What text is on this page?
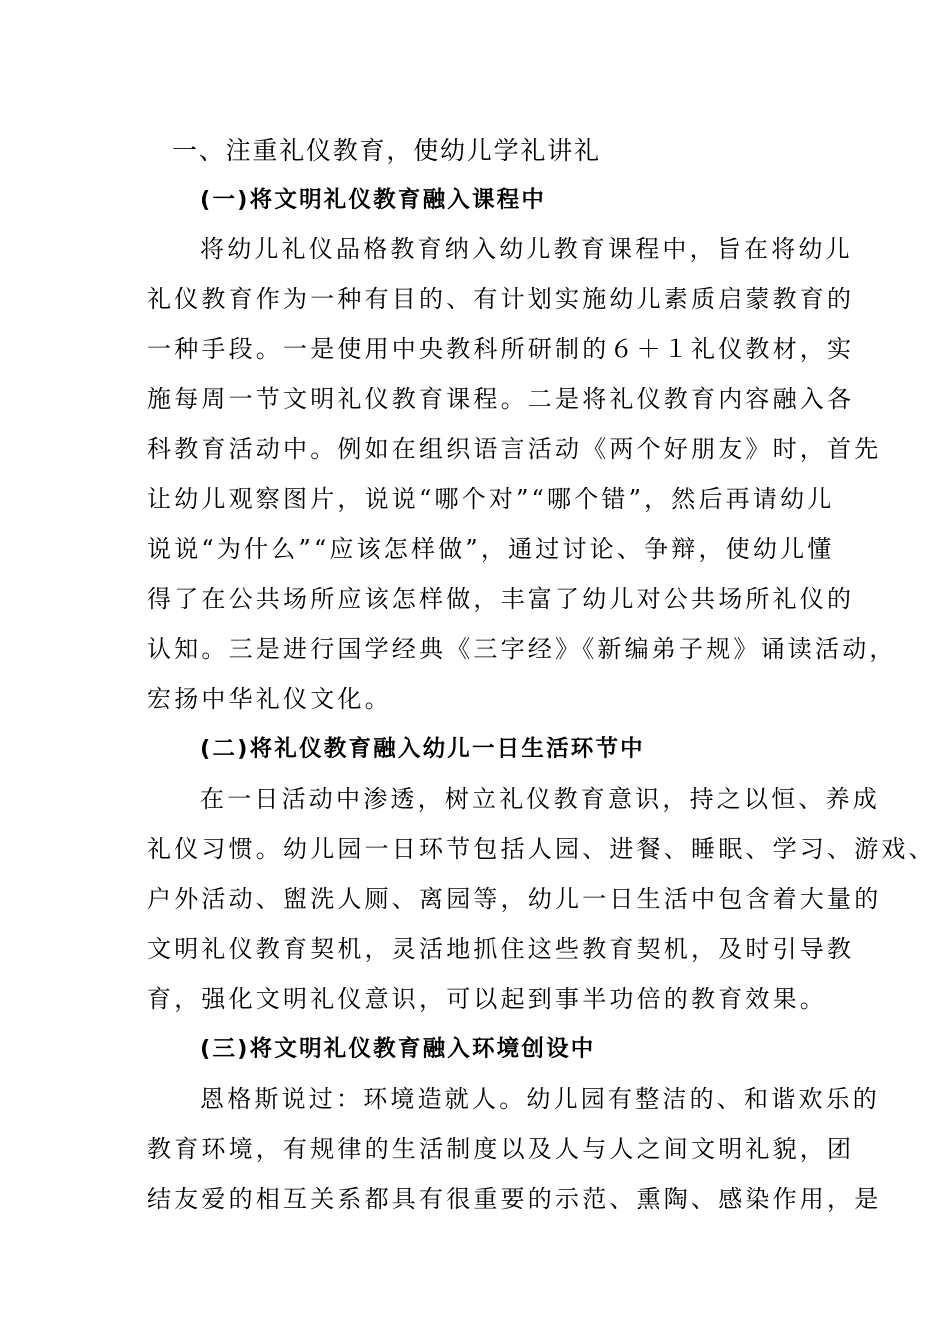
一、注重礼仪教育，使幼儿学礼讲礼
(一)将文明礼仪教育融入课程中
将幼儿礼仪品格教育纳入幼儿教育课程中，旨在将幼儿
礼仪教育作为一种有目的、有计划实施幼儿素质启蒙教育的
一种手段。一是使用中央教科所研制的６＋１礼仪教材，实
施每周一节文明礼仪教育课程。二是将礼仪教育内容融入各
科教育活动中。例如在组织语言活动《两个好朋友》时，首先
让幼儿观察图片，说说“哪个对”“哪个错”，然后再请幼儿
说说“为什么”“应该怎样做”，通过讨论、争辩，使幼儿懂
得了在公共场所应该怎样做，丰富了幼儿对公共场所礼仪的
认知。三是进行国学经典《三字经》《新编弟子规》诵读活动，
宏扬中华礼仪文化。
(二)将礼仪教育融入幼儿一日生活环节中
在一日活动中渗透，树立礼仪教育意识，持之以恒、养成
礼仪习惯。幼儿园一日环节包括人园、进餐、睡眠、学习、游戏、
户外活动、盥洗人厕、离园等，幼儿一日生活中包含着大量的
文明礼仪教育契机，灵活地抓住这些教育契机，及时引导教
育，强化文明礼仪意识，可以起到事半功倍的教育效果。
(三)将文明礼仪教育融入环境创设中
恩格斯说过：环境造就人。幼儿园有整洁的、和谐欢乐的
教育环境，有规律的生活制度以及人与人之间文明礼貌，团
结友爱的相互关系都具有很重要的示范、熏陶、感染作用，是
